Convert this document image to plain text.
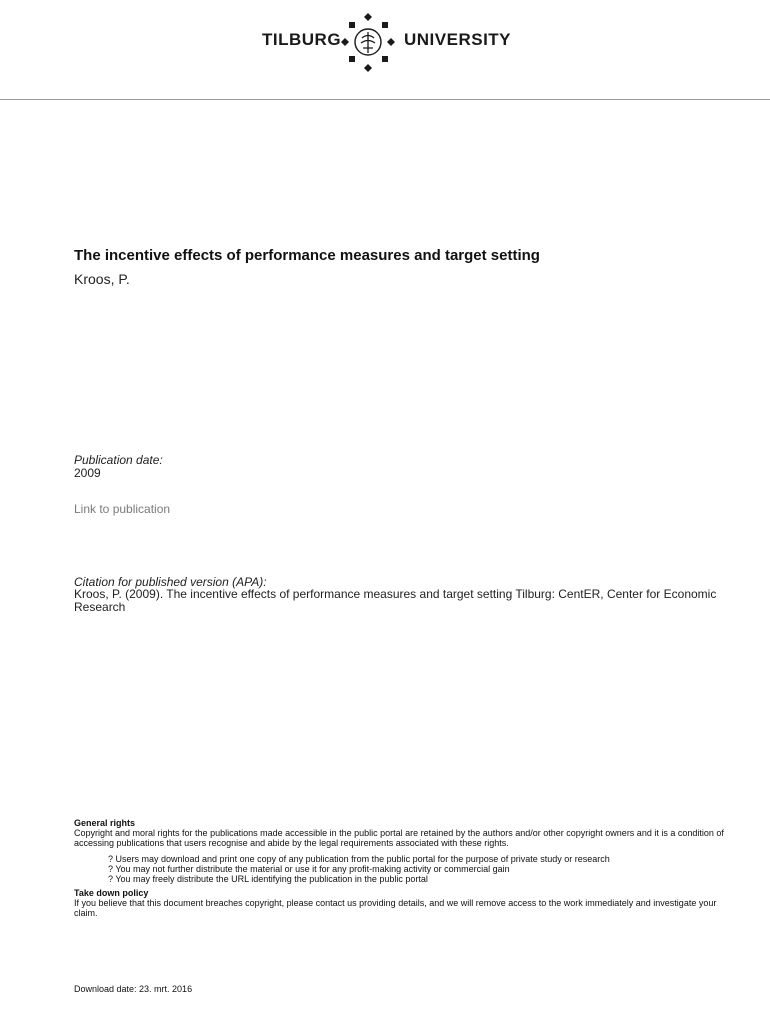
TILBURG	UNIVERSITY
The incentive effects of performance measures and target setting
Kroos, P.
Publication date:
2009
Link to publication
Citation for published version (APA):
Kroos, P. (2009). The incentive effects of performance measures and target setting Tilburg: CentER, Center for Economic Research
General rights
Copyright and moral rights for the publications made accessible in the public portal are retained by the authors and/or other copyright owners and it is a condition of accessing publications that users recognise and abide by the legal requirements associated with these rights.
? Users may download and print one copy of any publication from the public portal for the purpose of private study or research
? You may not further distribute the material or use it for any profit-making activity or commercial gain
? You may freely distribute the URL identifying the publication in the public portal
Take down policy
If you believe that this document breaches copyright, please contact us providing details, and we will remove access to the work immediately and investigate your claim.
Download date: 23. mrt. 2016
